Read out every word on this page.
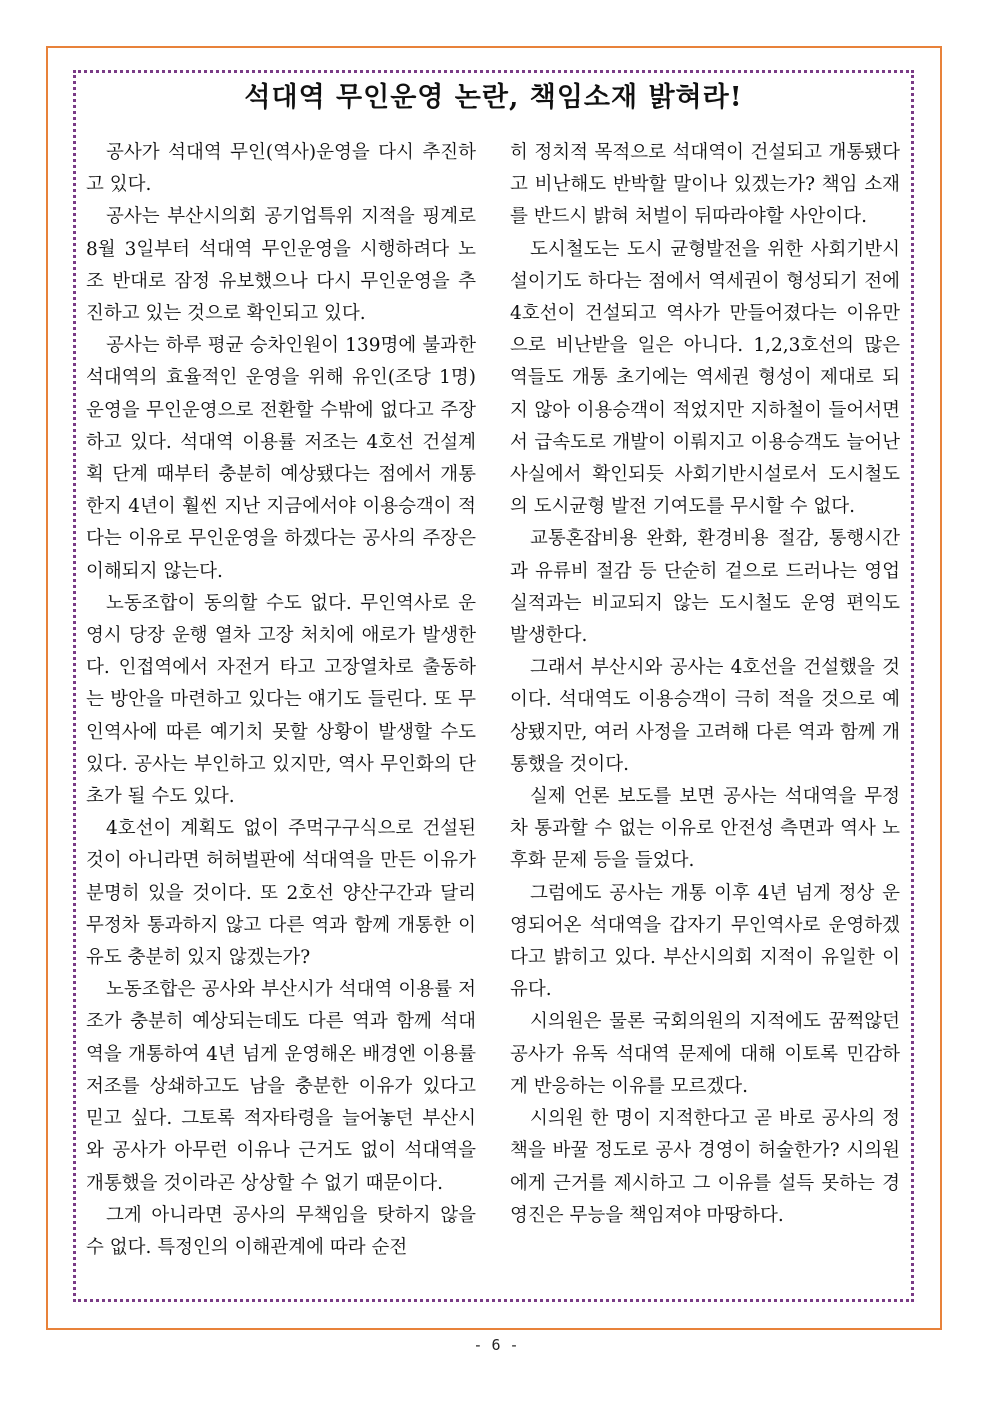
석대역 무인운영 논란, 책임소재 밝혀라!

공사가 석대역 무인(역사)운영을 다시 추진하고 있다.

공사는 부산시의회 공기업특위 지적을 핑계로 8월 3일부터 석대역 무인운영을 시행하려다 노조 반대로 잠정 유보했으나 다시 무인운영을 추진하고 있는 것으로 확인되고 있다.

공사는 하루 평균 승차인원이 139명에 불과한 석대역의 효율적인 운영을 위해 유인(조당 1명) 운영을 무인운영으로 전환할 수밖에 없다고 주장하고 있다. 석대역 이용률 저조는 4호선 건설계획 단계 때부터 충분히 예상됐다는 점에서 개통한지 4년이 훨씬 지난 지금에서야 이용승객이 적다는 이유로 무인운영을 하겠다는 공사의 주장은 이해되지 않는다.

노동조합이 동의할 수도 없다. 무인역사로 운영시 당장 운행 열차 고장 처치에 애로가 발생한다. 인접역에서 자전거 타고 고장열차로 출동하는 방안을 마련하고 있다는 얘기도 들린다. 또 무인역사에 따른 예기치 못할 상황이 발생할 수도 있다. 공사는 부인하고 있지만, 역사 무인화의 단초가 될 수도 있다.

4호선이 계획도 없이 주먹구구식으로 건설된 것이 아니라면 허허벌판에 석대역을 만든 이유가 분명히 있을 것이다. 또 2호선 양산구간과 달리 무정차 통과하지 않고 다른 역과 함께 개통한 이유도 충분히 있지 않겠는가?

노동조합은 공사와 부산시가 석대역 이용률 저조가 충분히 예상되는데도 다른 역과 함께 석대역을 개통하여 4년 넘게 운영해온 배경엔 이용률 저조를 상쇄하고도 남을 충분한 이유가 있다고 믿고 싶다. 그토록 적자타령을 늘어놓던 부산시와 공사가 아무런 이유나 근거도 없이 석대역을 개통했을 것이라곤 상상할 수 없기 때문이다.

그게 아니라면 공사의 무책임을 탓하지 않을 수 없다. 특정인의 이해관계에 따라 순전

히 정치적 목적으로 석대역이 건설되고 개통됐다고 비난해도 반박할 말이나 있겠는가? 책임 소재를 반드시 밝혀 처벌이 뒤따라야할 사안이다.

도시철도는 도시 균형발전을 위한 사회기반시설이기도 하다는 점에서 역세권이 형성되기 전에 4호선이 건설되고 역사가 만들어졌다는 이유만으로 비난받을 일은 아니다. 1,2,3호선의 많은 역들도 개통 초기에는 역세권 형성이 제대로 되지 않아 이용승객이 적었지만 지하철이 들어서면서 급속도로 개발이 이뤄지고 이용승객도 늘어난 사실에서 확인되듯 사회기반시설로서 도시철도의 도시균형 발전 기여도를 무시할 수 없다.

교통혼잡비용 완화, 환경비용 절감, 통행시간과 유류비 절감 등 단순히 겉으로 드러나는 영업 실적과는 비교되지 않는 도시철도 운영 편익도 발생한다.

그래서 부산시와 공사는 4호선을 건설했을 것이다. 석대역도 이용승객이 극히 적을 것으로 예상됐지만, 여러 사정을 고려해 다른 역과 함께 개통했을 것이다.

실제 언론 보도를 보면 공사는 석대역을 무정차 통과할 수 없는 이유로 안전성 측면과 역사 노후화 문제 등을 들었다.

그럼에도 공사는 개통 이후 4년 넘게 정상 운영되어온 석대역을 갑자기 무인역사로 운영하겠다고 밝히고 있다. 부산시의회 지적이 유일한 이유다.

시의원은 물론 국회의원의 지적에도 꿈쩍않던 공사가 유독 석대역 문제에 대해 이토록 민감하게 반응하는 이유를 모르겠다.

시의원 한 명이 지적한다고 곧 바로 공사의 정책을 바꿀 정도로 공사 경영이 허술한가? 시의원에게 근거를 제시하고 그 이유를 설득 못하는 경영진은 무능을 책임져야 마땅하다.

- 6 -
